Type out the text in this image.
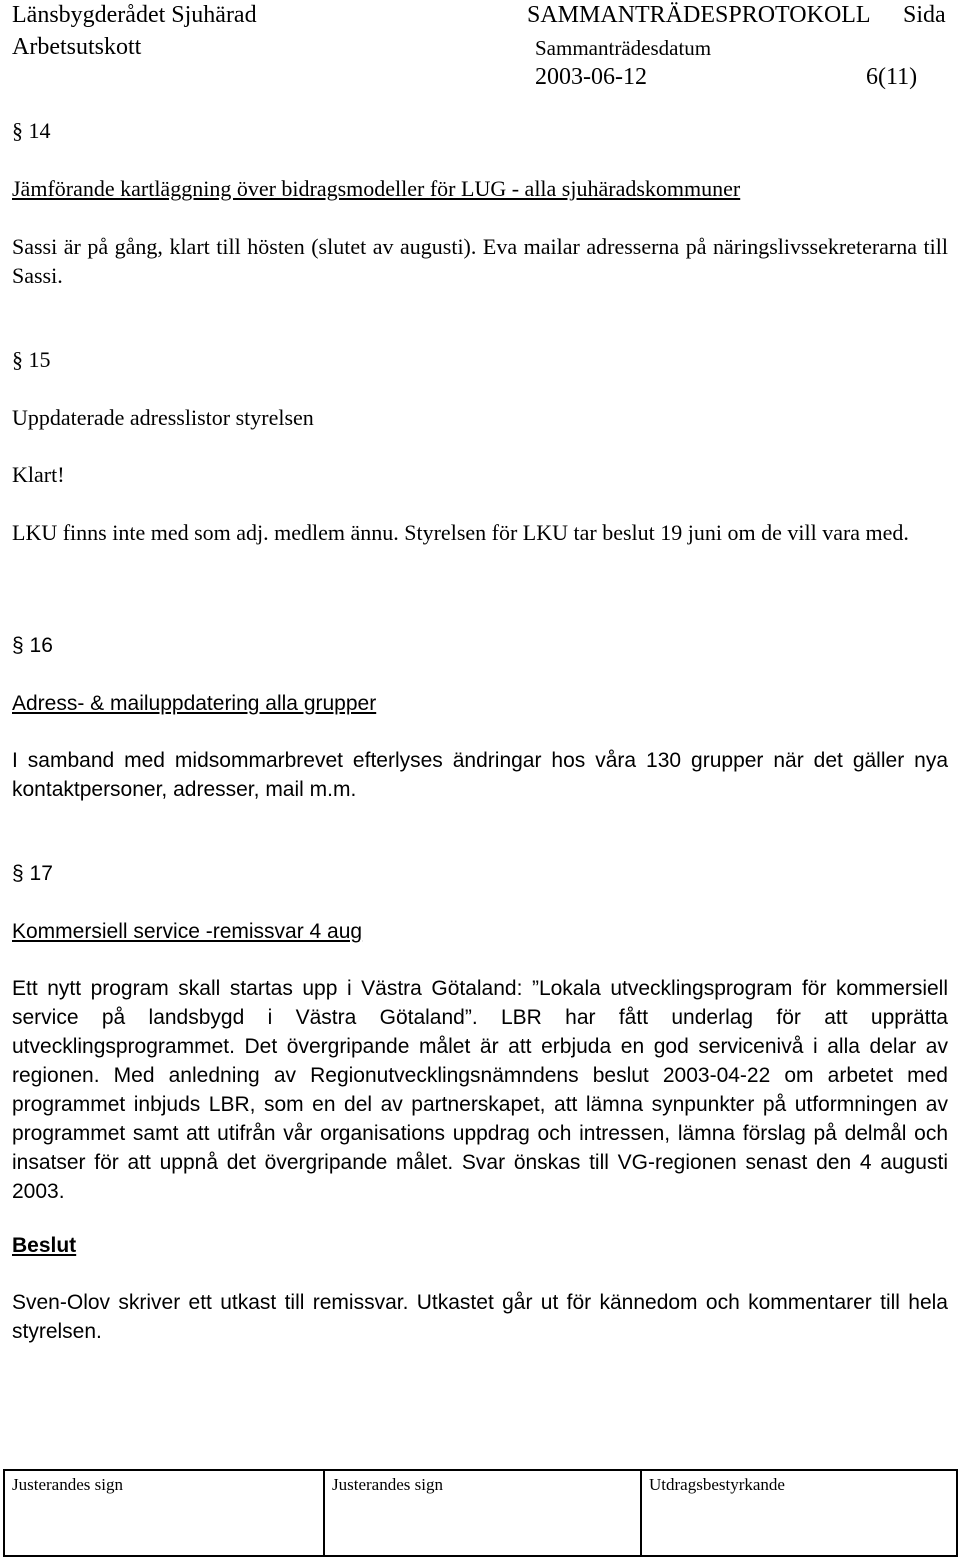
Länsbygderådet Sjuhärad
Arbetsutskott
SAMMANTRÄDESPROTOKOLL Sida
Sammanträdesdatum
2003-06-12	6(11)
§ 14
Jämförande kartläggning över bidragsmodeller för LUG - alla sjuhäradskommuner

Sassi är på gång, klart till hösten (slutet av augusti). Eva mailar adresserna på näringslivssekreterarna till Sassi.

§ 15
Uppdaterade adresslistor styrelsen
Klart!

LKU finns inte med som adj. medlem ännu. Styrelsen för LKU tar beslut 19 juni om de vill vara med.

§ 16
Adress- & mailuppdatering alla grupper

I samband med midsommarbrevet efterlyses ändringar hos våra 130 grupper när det gäller nya kontaktpersoner, adresser, mail m.m.

§ 17
Kommersiell service -remissvar 4 aug

Ett nytt program skall startas upp i Västra Götaland: ”Lokala utvecklingsprogram för kommersiell service på landsbygd i Västra Götaland”. LBR har fått underlag för att upprätta utvecklingsprogrammet. Det övergripande målet är att erbjuda en god servicenivå i alla delar av regionen. Med anledning av Regionutvecklingsnämndens beslut 2003-04-22 om arbetet med programmet inbjuds LBR, som en del av partnerskapet, att lämna synpunkter på utformningen av programmet samt att utifrån vår organisations uppdrag och intressen, lämna förslag på delmål och insatser för att uppnå det övergripande målet. Svar önskas till VG-regionen senast den 4 augusti 2003.

Beslut

Sven-Olov skriver ett utkast till remissvar. Utkastet går ut för kännedom och kommentarer till hela styrelsen.

Justerandes sign	Justerandes sign	Utdragsbestyrkande
